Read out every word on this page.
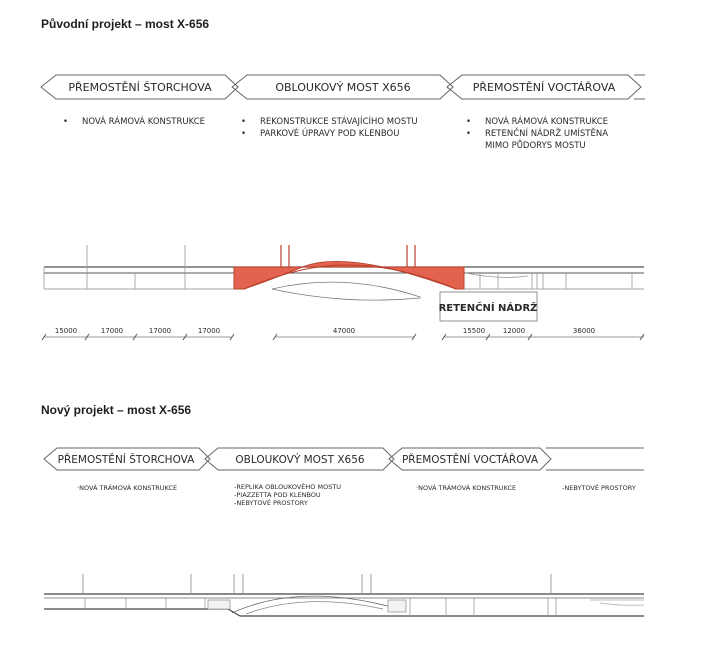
Původní projekt – most X-656
Nový projekt – most X-656
PŘEMOSTĚNÍ ŠTORCHOVA	OBLOUKOVÝ MOST X656	PŘEMOSTĚNÍ VOCTÁŘOVA
• NOVÁ RÁMOVÁ KONSTRUKCE	• REKONSTRUKCE STÁVAJÍCÍHO MOSTU
• PARKOVÉ ÚPRAVY POD KLENBOU
• NOVÁ RÁMOVÁ KONSTRUKCE
• RETENČNÍ NÁDRŽ UMÍSTĚNA
MIMO PŮDORYS MOSTU
RETENČNÍ NÁDRŽ
15000	17000	17000	17000	47000	15500	12000	36000
PŘEMOSTĚNÍ ŠTORCHOVA	OBLOUKOVÝ MOST X656	PŘEMOSTĚNÍ VOCTÁŘOVA
·NOVÁ TRÁMOVÁ KONSTRUKCE	-REPLIKA OBLOUKOVÉHO MOSTU
-PIAZZETTA POD KLENBOU
-NEBYTOVÉ PROSTORY
·NOVÁ TRÁMOVÁ KONSTRUKCE	-NEBYTOVÉ PROSTORY
